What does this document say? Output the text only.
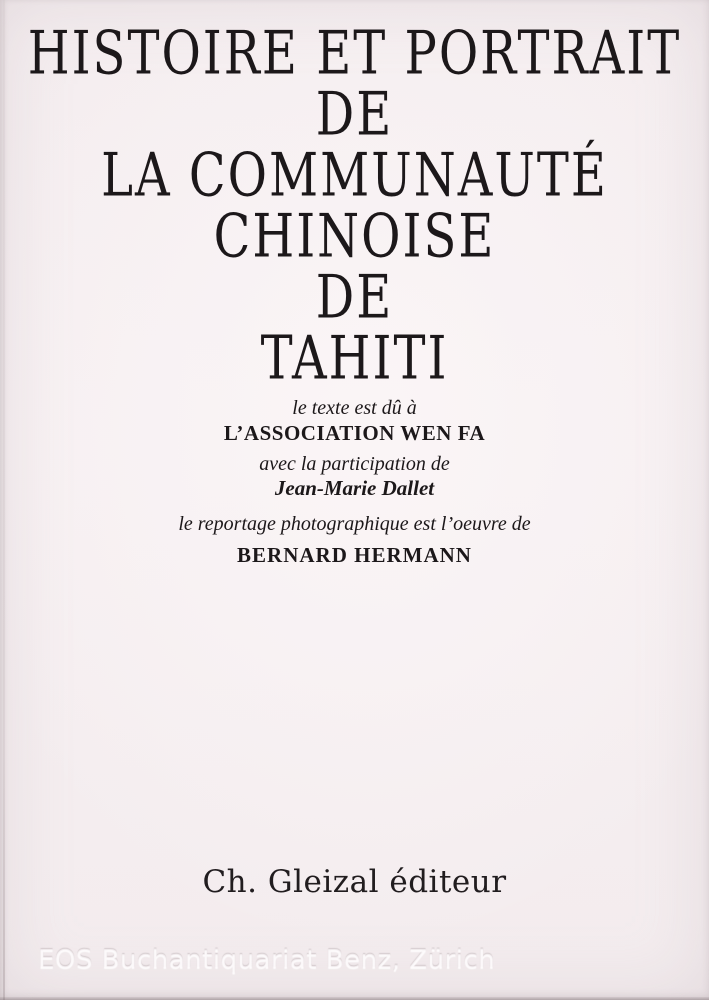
HISTOIRE ET PORTRAIT
DE
LA COMMUNAUTÉ
CHINOISE
DE
TAHITI
le texte est dû à
L’ASSOCIATION WEN FA
avec la participation de
Jean-Marie Dallet
le reportage photographique est l’oeuvre de
BERNARD HERMANN
Ch. Gleizal éditeur
EOS Buchantiquariat Benz, Zürich
